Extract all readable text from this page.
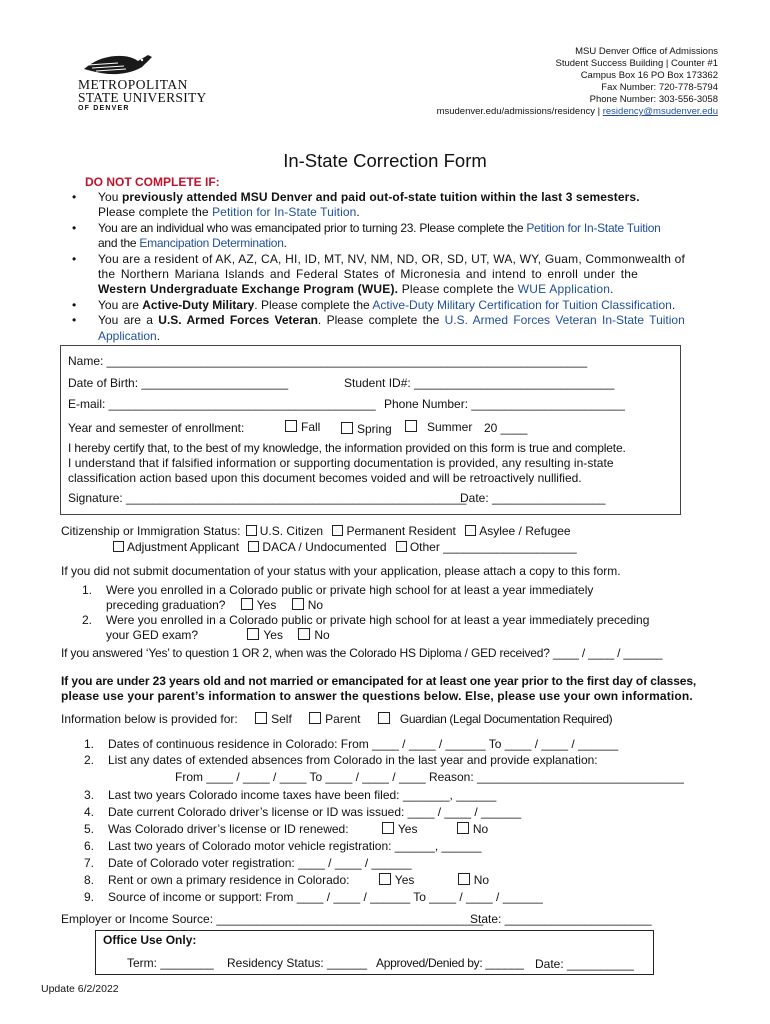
METROPOLITAN
STATE UNIVERSITY
OF DENVER
MSU Denver Office of Admissions
Student Success Building | Counter #1
Campus Box 16 PO Box 173362
Fax Number: 720-778-5794
Phone Number: 303-556-3058
msudenver.edu/admissions/residency | residency@msudenver.edu
In-State Correction Form
DO NOT COMPLETE IF:
• You previously attended MSU Denver and paid out-of-state tuition within the last 3 semesters.
Please complete the Petition for In-State Tuition.
• You are an individual who was emancipated prior to turning 23. Please complete the Petition for In-State Tuition
and the Emancipation Determination.
• You are a resident of AK, AZ, CA, HI, ID, MT, NV, NM, ND, OR, SD, UT, WA, WY, Guam, Commonwealth of
the Northern Mariana Islands and Federal States of Micronesia and intend to enroll under the
Western Undergraduate Exchange Program (WUE). Please complete the WUE Application.
• You are Active-Duty Military. Please complete the Active-Duty Military Certification for Tuition Classification.
• You are a U.S. Armed Forces Veteran. Please complete the U.S. Armed Forces Veteran In-State Tuition Application.
Name: ________________________________________________________________________
Date of Birth: ______________________	Student ID#: ______________________________
E-mail: ________________________________________ Phone Number: _______________________
Year and semester of enrollment:	Fall	Spring	Summer 20 ____
I hereby certify that, to the best of my knowledge, the information provided on this form is true and complete.
I understand that if falsified information or supporting documentation is provided, any resulting in-state
classification action based upon this document becomes voided and will be retroactively nullified.
Signature: ___________________________________________________
Date: _________________
Citizenship or Immigration Status: U.S. Citizen Permanent Resident Asylee / Refugee
Adjustment Applicant DACA / Undocumented Other ____________________
If you did not submit documentation of your status with your application, please attach a copy to this form.
1. Were you enrolled in a Colorado public or private high school for at least a year immediately
preceding graduation?	Yes	No
2. Were you enrolled in a Colorado public or private high school for at least a year immediately preceding
your GED exam?	Yes	No
If you answered ‘Yes’ to question 1 OR 2, when was the Colorado HS Diploma / GED received? ____ / ____ / ______
If you are under 23 years old and not married or emancipated for at least one year prior to the first day of classes,
please use your parent’s information to answer the questions below. Else, please use your own information.
Information below is provided for:	Self	Parent	Guardian (Legal Documentation Required)
1. Dates of continuous residence in Colorado: From ____ / ____ / ______ To ____ / ____ / ______
2. List any dates of extended absences from Colorado in the last year and provide explanation:
From ____ / ____ / ____ To ____ / ____ / ____ Reason: _______________________________
3. Last two years Colorado income taxes have been filed: _______, ______
4. Date current Colorado driver’s license or ID was issued: ____ / ____ / ______
5. Was Colorado driver’s license or ID renewed:	Yes	No
6. Last two years of Colorado motor vehicle registration: ______, ______
7. Date of Colorado voter registration: ____ / ____ / ______
8. Rent or own a primary residence in Colorado:	Yes	No
9. Source of income or support: From ____ / ____ / ______ To ____ / ____ / ______
Employer or Income Source: ________________________________________
State: ______________________
Office Use Only:
Term: ________ Residency Status: ______ Approved/Denied by: ______ Date: __________
Update 6/2/2022
